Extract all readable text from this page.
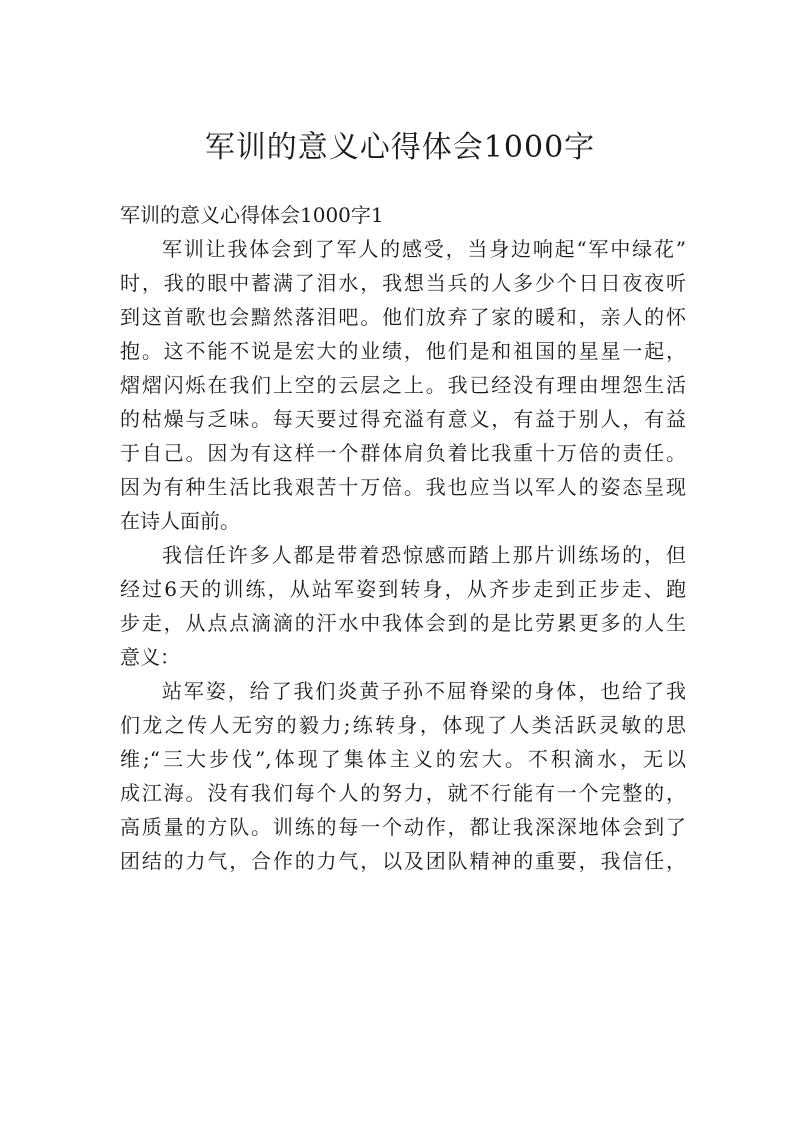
军训的意义心得体会1000字
军训的意义心得体会1000字1

军训让我体会到了军人的感受，当身边响起“军中绿花”
时，我的眼中蓄满了泪水，我想当兵的人多少个日日夜夜听
到这首歌也会黯然落泪吧。他们放弃了家的暖和，亲人的怀
抱。这不能不说是宏大的业绩，他们是和祖国的星星一起，
熠熠闪烁在我们上空的云层之上。我已经没有理由埋怨生活
的枯燥与乏味。每天要过得充溢有意义，有益于别人，有益
于自己。因为有这样一个群体肩负着比我重十万倍的责任。
因为有种生活比我艰苦十万倍。我也应当以军人的姿态呈现
在诗人面前。

我信任许多人都是带着恐惊感而踏上那片训练场的，但
经过6天的训练，从站军姿到转身，从齐步走到正步走、跑
步走，从点点滴滴的汗水中我体会到的是比劳累更多的人生
意义：

站军姿，给了我们炎黄子孙不屈脊梁的身体，也给了我
们龙之传人无穷的毅力;练转身，体现了人类活跃灵敏的思
维;“三大步伐”,体现了集体主义的宏大。不积滴水，无以
成江海。没有我们每个人的努力，就不行能有一个完整的，
高质量的方队。训练的每一个动作，都让我深深地体会到了
团结的力气，合作的力气，以及团队精神的重要，我信任，
